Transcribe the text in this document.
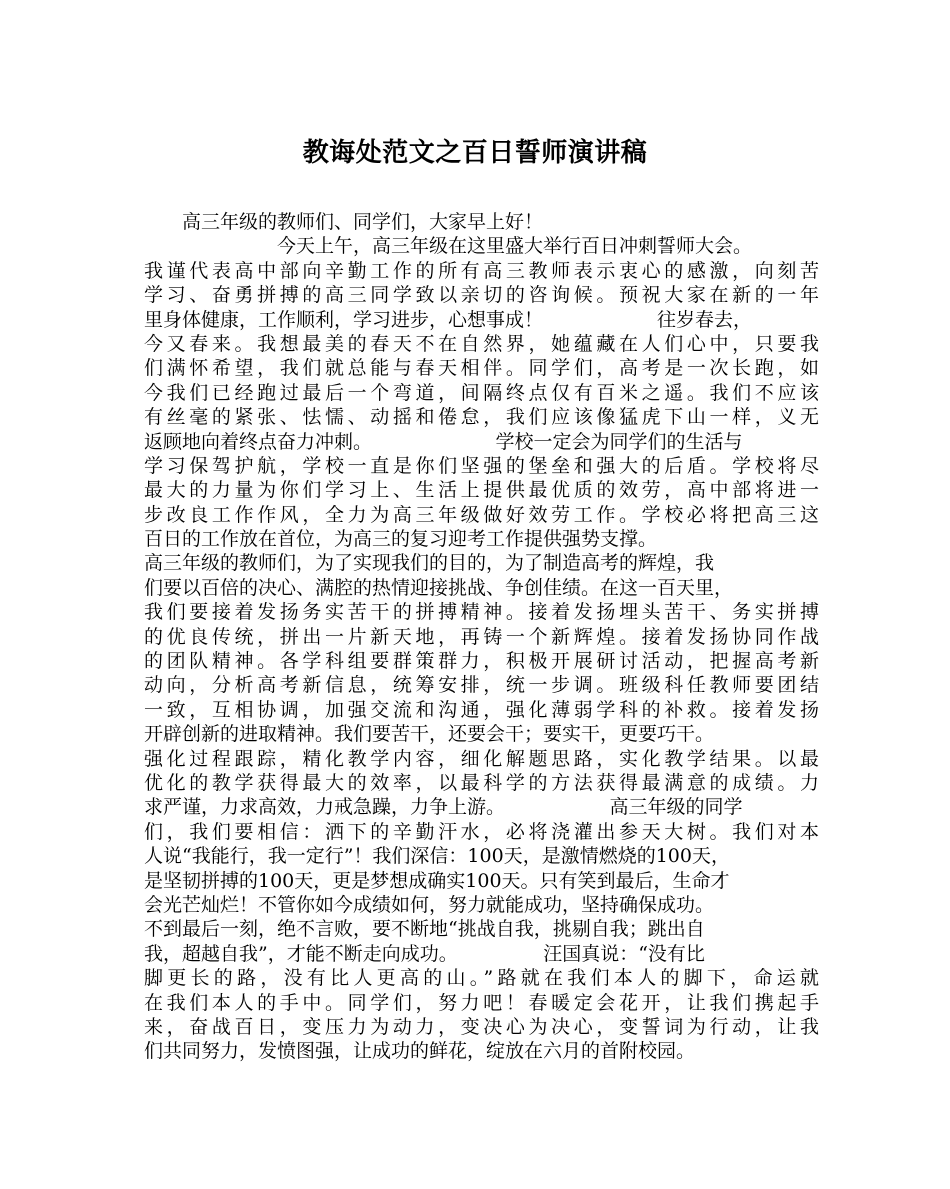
教诲处范文之百日誓师演讲稿
　　高三年级的教师们、同学们，大家早上好！
　　　　　　　今天上午，高三年级在这里盛大举行百日冲刺誓师大会。
我谨代表高中部向辛勤工作的所有高三教师表示衷心的感激，向刻苦
学习、奋勇拼搏的高三同学致以亲切的咨询候。预祝大家在新的一年
里身体健康，工作顺利，学习进步，心想事成！　　　　　　往岁春去，
今又春来。我想最美的春天不在自然界，她蕴藏在人们心中，只要我
们满怀希望，我们就总能与春天相伴。同学们，高考是一次长跑，如
今我们已经跑过最后一个弯道，间隔终点仅有百米之遥。我们不应该
有丝毫的紧张、怯懦、动摇和倦怠，我们应该像猛虎下山一样，义无
返顾地向着终点奋力冲刺。　　　　　　　学校一定会为同学们的生活与
学习保驾护航，学校一直是你们坚强的堡垒和强大的后盾。学校将尽
最大的力量为你们学习上、生活上提供最优质的效劳，高中部将进一
步改良工作作风，全力为高三年级做好效劳工作。学校必将把高三这
百日的工作放在首位，为高三的复习迎考工作提供强势支撑。
高三年级的教师们，为了实现我们的目的，为了制造高考的辉煌，我
们要以百倍的决心、满腔的热情迎接挑战、争创佳绩。在这一百天里，
我们要接着发扬务实苦干的拼搏精神。接着发扬埋头苦干、务实拼搏
的优良传统，拼出一片新天地，再铸一个新辉煌。接着发扬协同作战
的团队精神。各学科组要群策群力，积极开展研讨活动，把握高考新
动向，分析高考新信息，统筹安排，统一步调。班级科任教师要团结
一致，互相协调，加强交流和沟通，强化薄弱学科的补救。接着发扬
开辟创新的进取精神。我们要苦干，还要会干；要实干，更要巧干。
强化过程跟踪，精化教学内容，细化解题思路，实化教学结果。以最
优化的教学获得最大的效率，以最科学的方法获得最满意的成绩。力
求严谨，力求高效，力戒急躁，力争上游。　　　　　　高三年级的同学
们，我们要相信：洒下的辛勤汗水，必将浇灌出参天大树。我们对本
人说“我能行，我一定行”！我们深信：100天，是激情燃烧的100天，
是坚韧拼搏的100天，更是梦想成确实100天。只有笑到最后，生命才
会光芒灿烂！不管你如今成绩如何，努力就能成功，坚持确保成功。
不到最后一刻，绝不言败，要不断地“挑战自我，挑剔自我；跳出自
我，超越自我”，才能不断走向成功。　　　　　汪国真说：“没有比
脚更长的路，没有比人更高的山。”路就在我们本人的脚下，命运就
在我们本人的手中。同学们，努力吧！春暖定会花开，让我们携起手
来，奋战百日，变压力为动力，变决心为决心，变誓词为行动，让我
们共同努力，发愤图强，让成功的鲜花，绽放在六月的首附校园。
